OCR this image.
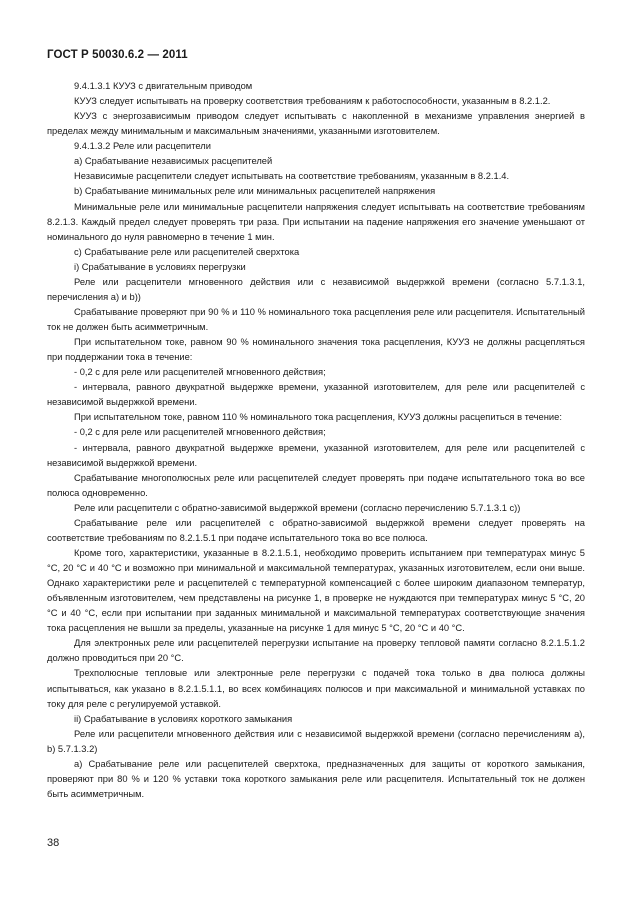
ГОСТ Р 50030.6.2 — 2011

9.4.1.3.1 КУУЗ с двигательным приводом

КУУЗ следует испытывать на проверку соответствия требованиям к работоспособности, указанным в 8.2.1.2.

КУУЗ с энергозависимым приводом следует испытывать с накопленной в механизме управления энергией в пределах между минимальным и максимальным значениями, указанными изготовителем.

9.4.1.3.2 Реле или расцепители

а) Срабатывание независимых расцепителей

Независимые расцепители следует испытывать на соответствие требованиям, указанным в 8.2.1.4.

b) Срабатывание минимальных реле или минимальных расцепителей напряжения

Минимальные реле или минимальные расцепители напряжения следует испытывать на соответствие требованиям 8.2.1.3. Каждый предел следует проверять три раза. При испытании на падение напряжения его значение уменьшают от номинального до нуля равномерно в течение 1 мин.

с) Срабатывание реле или расцепителей сверхтока

i) Срабатывание в условиях перегрузки

Реле или расцепители мгновенного действия или с независимой выдержкой времени (согласно 5.7.1.3.1, перечисления а) и b))

Срабатывание проверяют при 90 % и 110 % номинального тока расцепления реле или расцепителя. Испытательный ток не должен быть асимметричным.

При испытательном токе, равном 90 % номинального значения тока расцепления, КУУЗ не должны расцепляться при поддержании тока в течение:

- 0,2 с для реле или расцепителей мгновенного действия;

- интервала, равного двукратной выдержке времени, указанной изготовителем, для реле или расцепителей с независимой выдержкой времени.

При испытательном токе, равном 110 % номинального тока расцепления, КУУЗ должны расцепиться в течение:

- 0,2 с для реле или расцепителей мгновенного действия;

- интервала, равного двукратной выдержке времени, указанной изготовителем, для реле или расцепителей с независимой выдержкой времени.

Срабатывание многополюсных реле или расцепителей следует проверять при подаче испытательного тока во все полюса одновременно.

Реле или расцепители с обратно-зависимой выдержкой времени (согласно перечислению 5.7.1.3.1 с))

Срабатывание реле или расцепителей с обратно-зависимой выдержкой времени следует проверять на соответствие требованиям по 8.2.1.5.1 при подаче испытательного тока во все полюса.

Кроме того, характеристики, указанные в 8.2.1.5.1, необходимо проверить испытанием при температурах минус 5 °С, 20 °С и 40 °С и возможно при минимальной и максимальной температурах, указанных изготовителем, если они выше. Однако характеристики реле и расцепителей с температурной компенсацией с более широким диапазоном температур, объявленным изготовителем, чем представлены на рисунке 1, в проверке не нуждаются при температурах минус 5 °С, 20 °С и 40 °С, если при испытании при заданных минимальной и максимальной температурах соответствующие значения тока расцепления не вышли за пределы, указанные на рисунке 1 для минус 5 °С, 20 °С и 40 °С.

Для электронных реле или расцепителей перегрузки испытание на проверку тепловой памяти согласно 8.2.1.5.1.2 должно проводиться при 20 °С.

Трехполюсные тепловые или электронные реле перегрузки с подачей тока только в два полюса должны испытываться, как указано в 8.2.1.5.1.1, во всех комбинациях полюсов и при максимальной и минимальной уставках по току для реле с регулируемой уставкой.

ii) Срабатывание в условиях короткого замыкания

Реле или расцепители мгновенного действия или с независимой выдержкой времени (согласно перечислениям а), b) 5.7.1.3.2)

а) Срабатывание реле или расцепителей сверхтока, предназначенных для защиты от короткого замыкания, проверяют при 80 % и 120 % уставки тока короткого замыкания реле или расцепителя. Испытательный ток не должен быть асимметричным.

38
